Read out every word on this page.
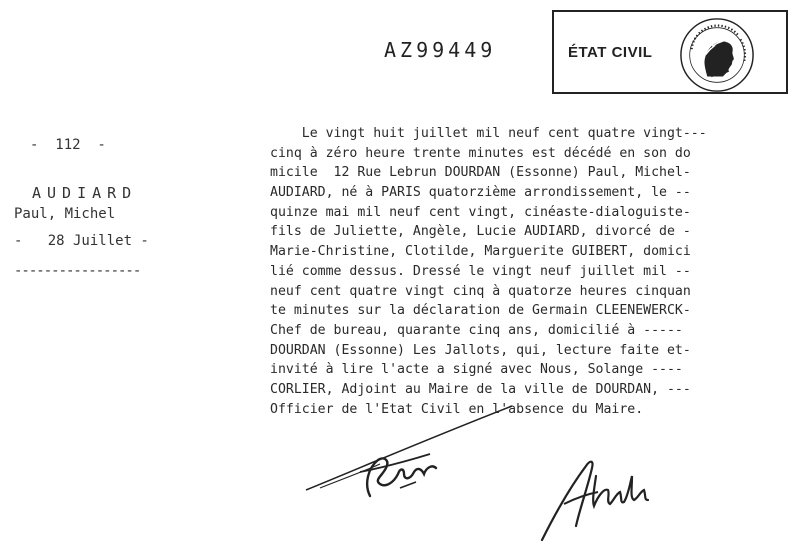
AZ99449	ÉTAT CIVIL
-  112  -
AUDIARD
Paul, Michel
-   28 Juillet -
-----------------
Le vingt huit juillet mil neuf cent quatre vingt---
cinq à zéro heure trente minutes est décédé en son do
micile  12 Rue Lebrun DOURDAN (Essonne) Paul, Michel-
AUDIARD, né à PARIS quatorzième arrondissement, le --
quinze mai mil neuf cent vingt, cinéaste-dialoguiste-
fils de Juliette, Angèle, Lucie AUDIARD, divorcé de -
Marie-Christine, Clotilde, Marguerite GUIBERT, domici
lié comme dessus. Dressé le vingt neuf juillet mil --
neuf cent quatre vingt cinq à quatorze heures cinquan
te minutes sur la déclaration de Germain CLEENEWERCK-
Chef de bureau, quarante cinq ans, domicilié à -----
DOURDAN (Essonne) Les Jallots, qui, lecture faite et-
invité à lire l'acte a signé avec Nous, Solange ----
CORLIER, Adjoint au Maire de la ville de DOURDAN, ---
Officier de l'Etat Civil en l'absence du Maire.
